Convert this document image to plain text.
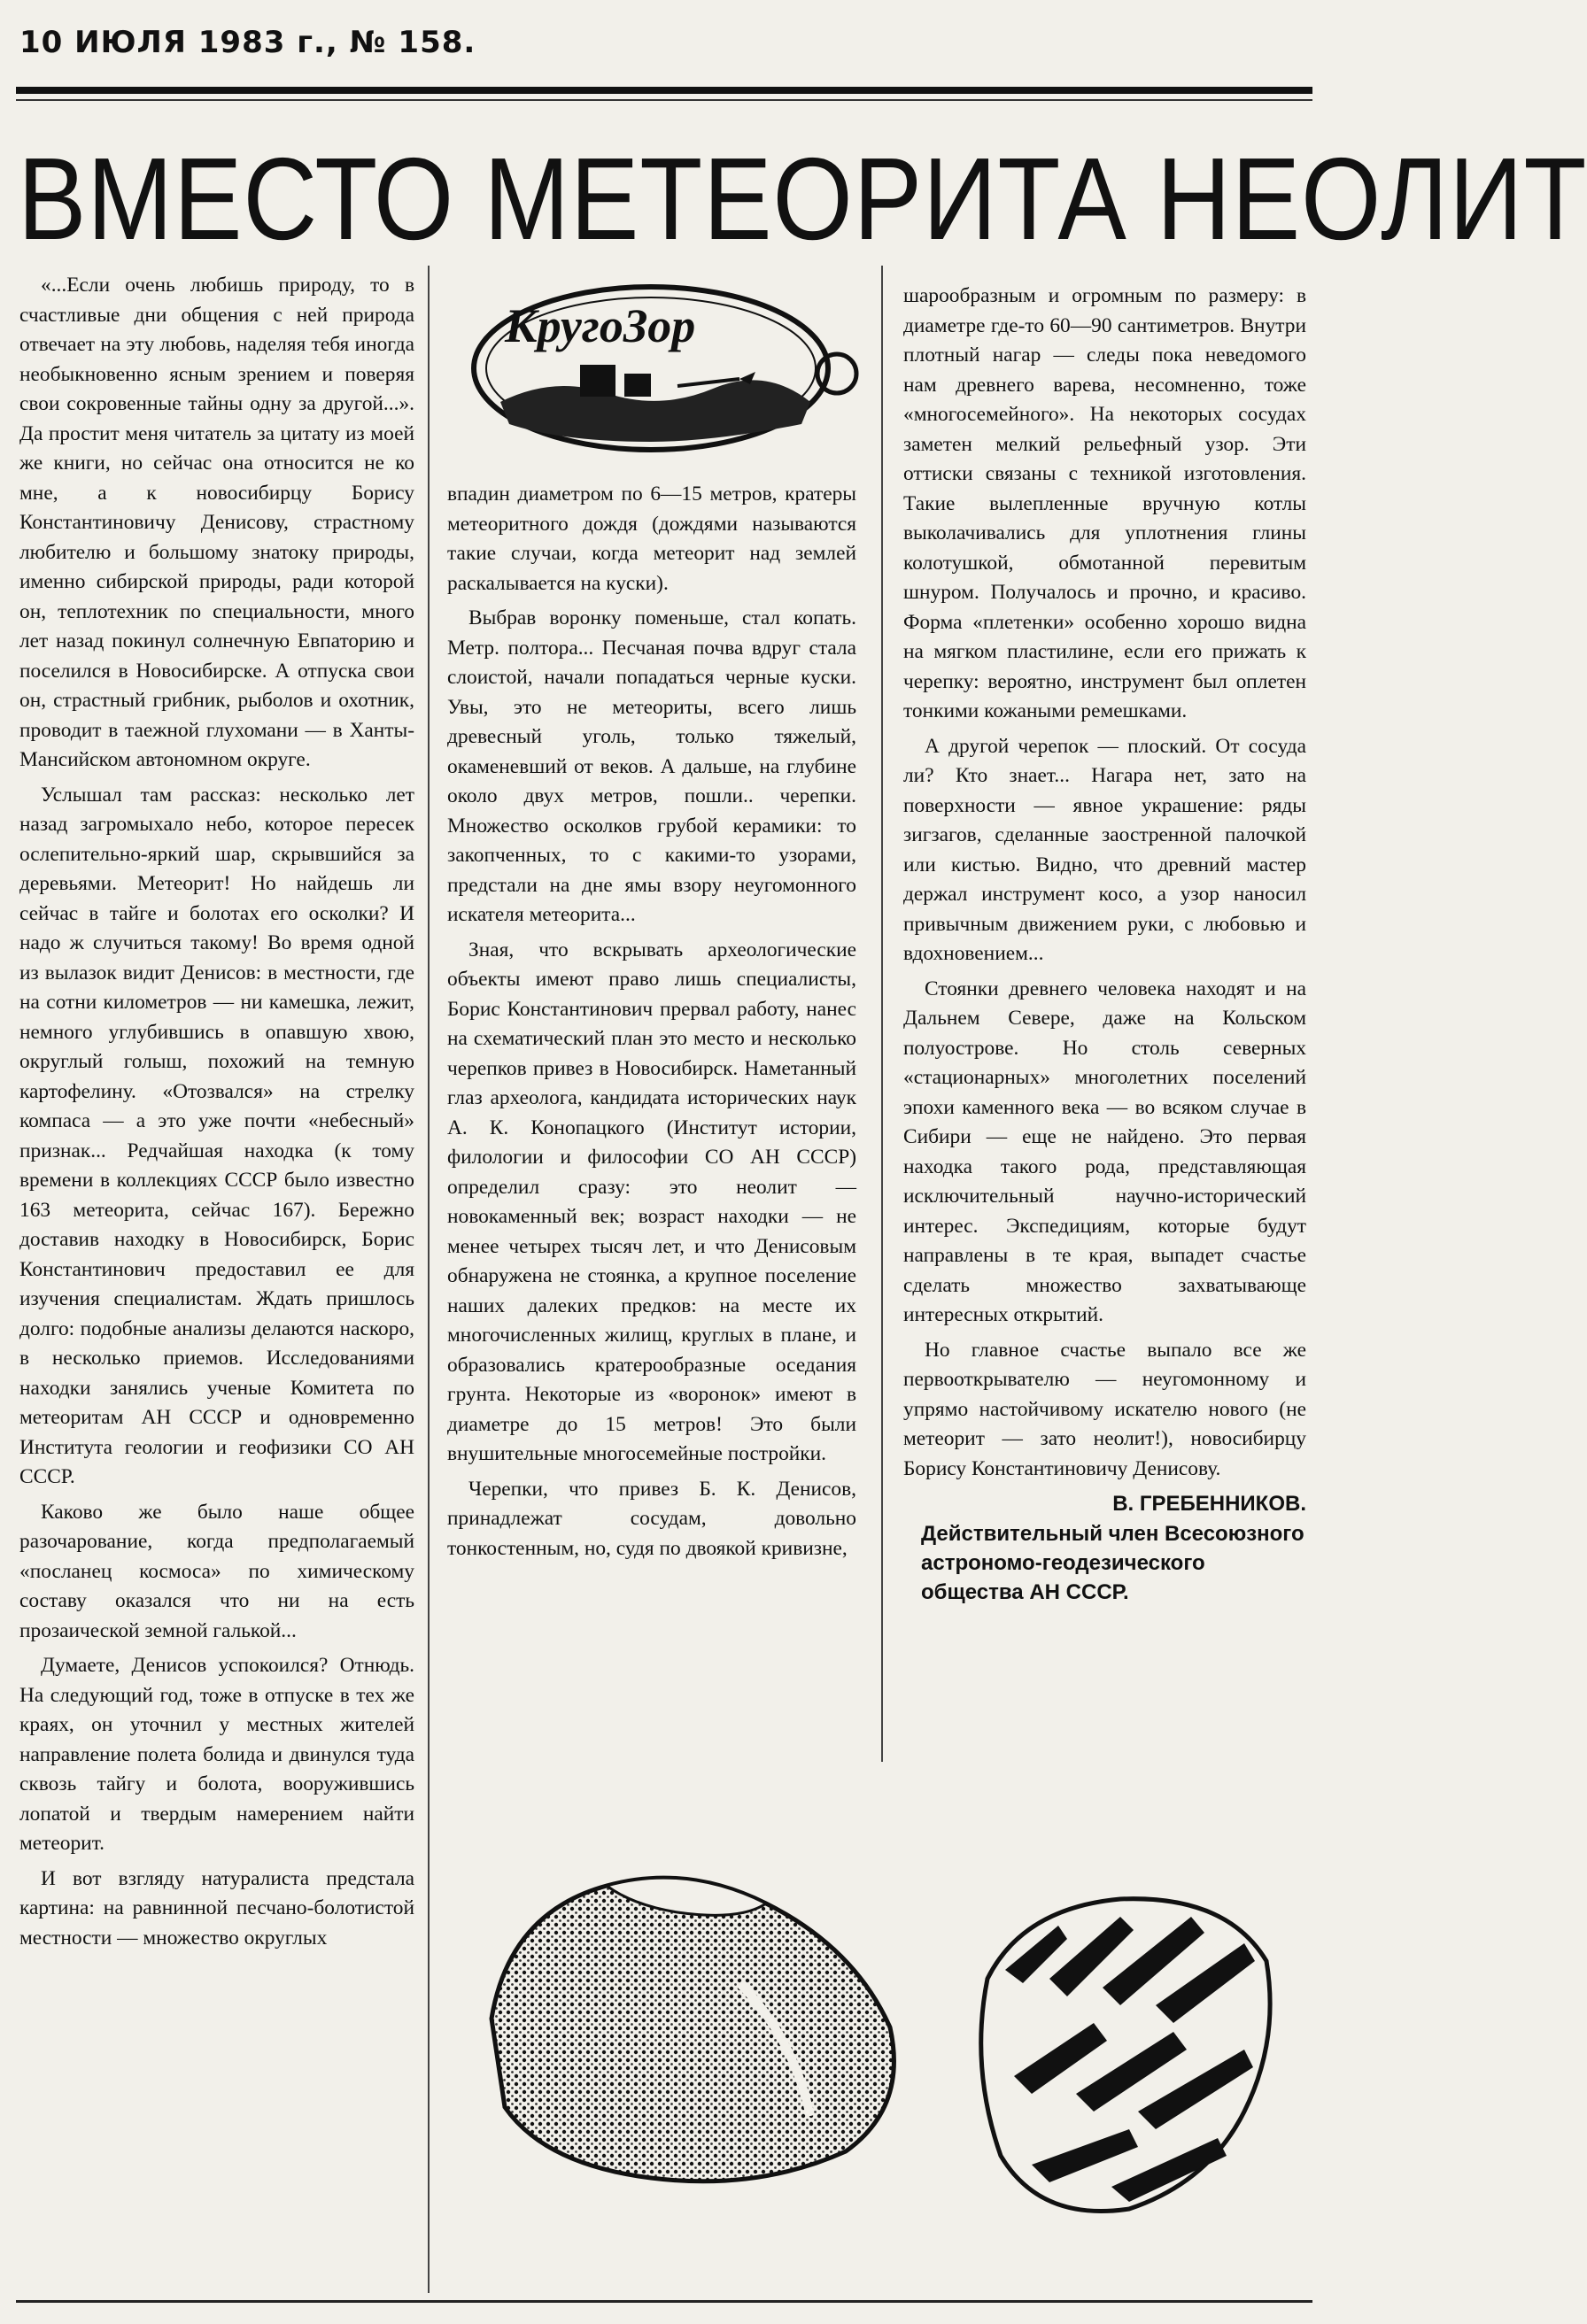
10 ИЮЛЯ 1983 г., № 158.
ВМЕСТО МЕТЕОРИТА НЕОЛИТ

«...Если очень любишь природу, то в счастливые дни общения с ней природа отвечает на эту любовь, наделяя тебя иногда необыкновенно ясным зрением и поверяя свои сокровенные тайны одну за другой...». Да простит меня читатель за цитату из моей же книги, но сейчас она относится не ко мне, а к новосибирцу Борису Константиновичу Денисову, страстному любителю и большому знатоку природы, именно сибирской природы, ради которой он, теплотехник по специальности, много лет назад покинул солнечную Евпаторию и поселился в Новосибирске. А отпуска свои он, страстный грибник, рыболов и охотник, проводит в таежной глухомани — в Ханты-Мансийском автономном округе.

Услышал там рассказ: несколько лет назад загромыхало небо, которое пересек ослепительно-яркий шар, скрывшийся за деревьями. Метеорит! Но найдешь ли сейчас в тайге и болотах его осколки? И надо ж случиться такому! Во время одной из вылазок видит Денисов: в местности, где на сотни километров — ни камешка, лежит, немного углубившись в опавшую хвою, округлый голыш, похожий на темную картофелину. «Отозвался» на стрелку компаса — а это уже почти «небесный» признак... Редчайшая находка (к тому времени в коллекциях СССР было известно 163 метеорита, сейчас 167). Бережно доставив находку в Новосибирск, Борис Константинович предоставил ее для изучения специалистам. Ждать пришлось долго: подобные анализы делаются наскоро, в несколько приемов. Исследованиями находки занялись ученые Комитета по метеоритам АН СССР и одновременно Института геологии и геофизики СО АН СССР.

Каково же было наше общее разочарование, когда предполагаемый «посланец космоса» по химическому составу оказался что ни на есть прозаической земной галькой...

Думаете, Денисов успокоился? Отнюдь. На следующий год, тоже в отпуске в тех же краях, он уточнил у местных жителей направление полета болида и двинулся туда сквозь тайгу и болота, вооружившись лопатой и твердым намерением найти метеорит.

И вот взгляду натуралиста предстала картина: на равнинной песчано-болотистой местности — множество округлых

КругоЗор

впадин диаметром по 6—15 метров, кратеры метеоритного дождя (дождями называются такие случаи, когда метеорит над землей раскалывается на куски).

Выбрав воронку поменьше, стал копать. Метр. полтора... Песчаная почва вдруг стала слоистой, начали попадаться черные куски. Увы, это не метеориты, всего лишь древесный уголь, только тяжелый, окаменевший от веков. А дальше, на глубине около двух метров, пошли.. черепки. Множество осколков грубой керамики: то закопченных, то с какими-то узорами, предстали на дне ямы взору неугомонного искателя метеорита...

Зная, что вскрывать археологические объекты имеют право лишь специалисты, Борис Константинович прервал работу, нанес на схематический план это место и несколько черепков привез в Новосибирск. Наметанный глаз археолога, кандидата исторических наук А. К. Конопацкого (Институт истории, филологии и философии СО АН СССР) определил сразу: это неолит — новокаменный век; возраст находки — не менее четырех тысяч лет, и что Денисовым обнаружена не стоянка, а крупное поселение наших далеких предков: на месте их многочисленных жилищ, круглых в плане, и образовались кратерообразные оседания грунта. Некоторые из «воронок» имеют в диаметре до 15 метров! Это были внушительные многосемейные постройки.

Черепки, что привез Б. К. Денисов, принадлежат сосудам, довольно тонкостенным, но, судя по двоякой кривизне,

шарообразным и огромным по размеру: в диаметре где-то 60—90 сантиметров. Внутри плотный нагар — следы пока неведомого нам древнего варева, несомненно, тоже «многосемейного». На некоторых сосудах заметен мелкий рельефный узор. Эти оттиски связаны с техникой изготовления. Такие вылепленные вручную котлы выколачивались для уплотнения глины колотушкой, обмотанной перевитым шнуром. Получалось и прочно, и красиво. Форма «плетенки» особенно хорошо видна на мягком пластилине, если его прижать к черепку: вероятно, инструмент был оплетен тонкими кожаными ремешками.

А другой черепок — плоский. От сосуда ли? Кто знает... Нагара нет, зато на поверхности — явное украшение: ряды зигзагов, сделанные заостренной палочкой или кистью. Видно, что древний мастер держал инструмент косо, а узор наносил привычным движением руки, с любовью и вдохновением...

Стоянки древнего человека находят и на Дальнем Севере, даже на Кольском полуострове. Но столь северных «стационарных» многолетних поселений эпохи каменного века — во всяком случае в Сибири — еще не найдено. Это первая находка такого рода, представляющая исключительный научно-исторический интерес. Экспедициям, которые будут направлены в те края, выпадет счастье сделать множество захватывающе интересных открытий.

Но главное счастье выпало все же первооткрывателю — неугомонному и упрямо настойчивому искателю нового (не метеорит — зато неолит!), новосибирцу Борису Константиновичу Денисову.

В. ГРЕБЕННИКОВ.
Действительный член Всесоюзного астрономо-геодезического общества АН СССР.
